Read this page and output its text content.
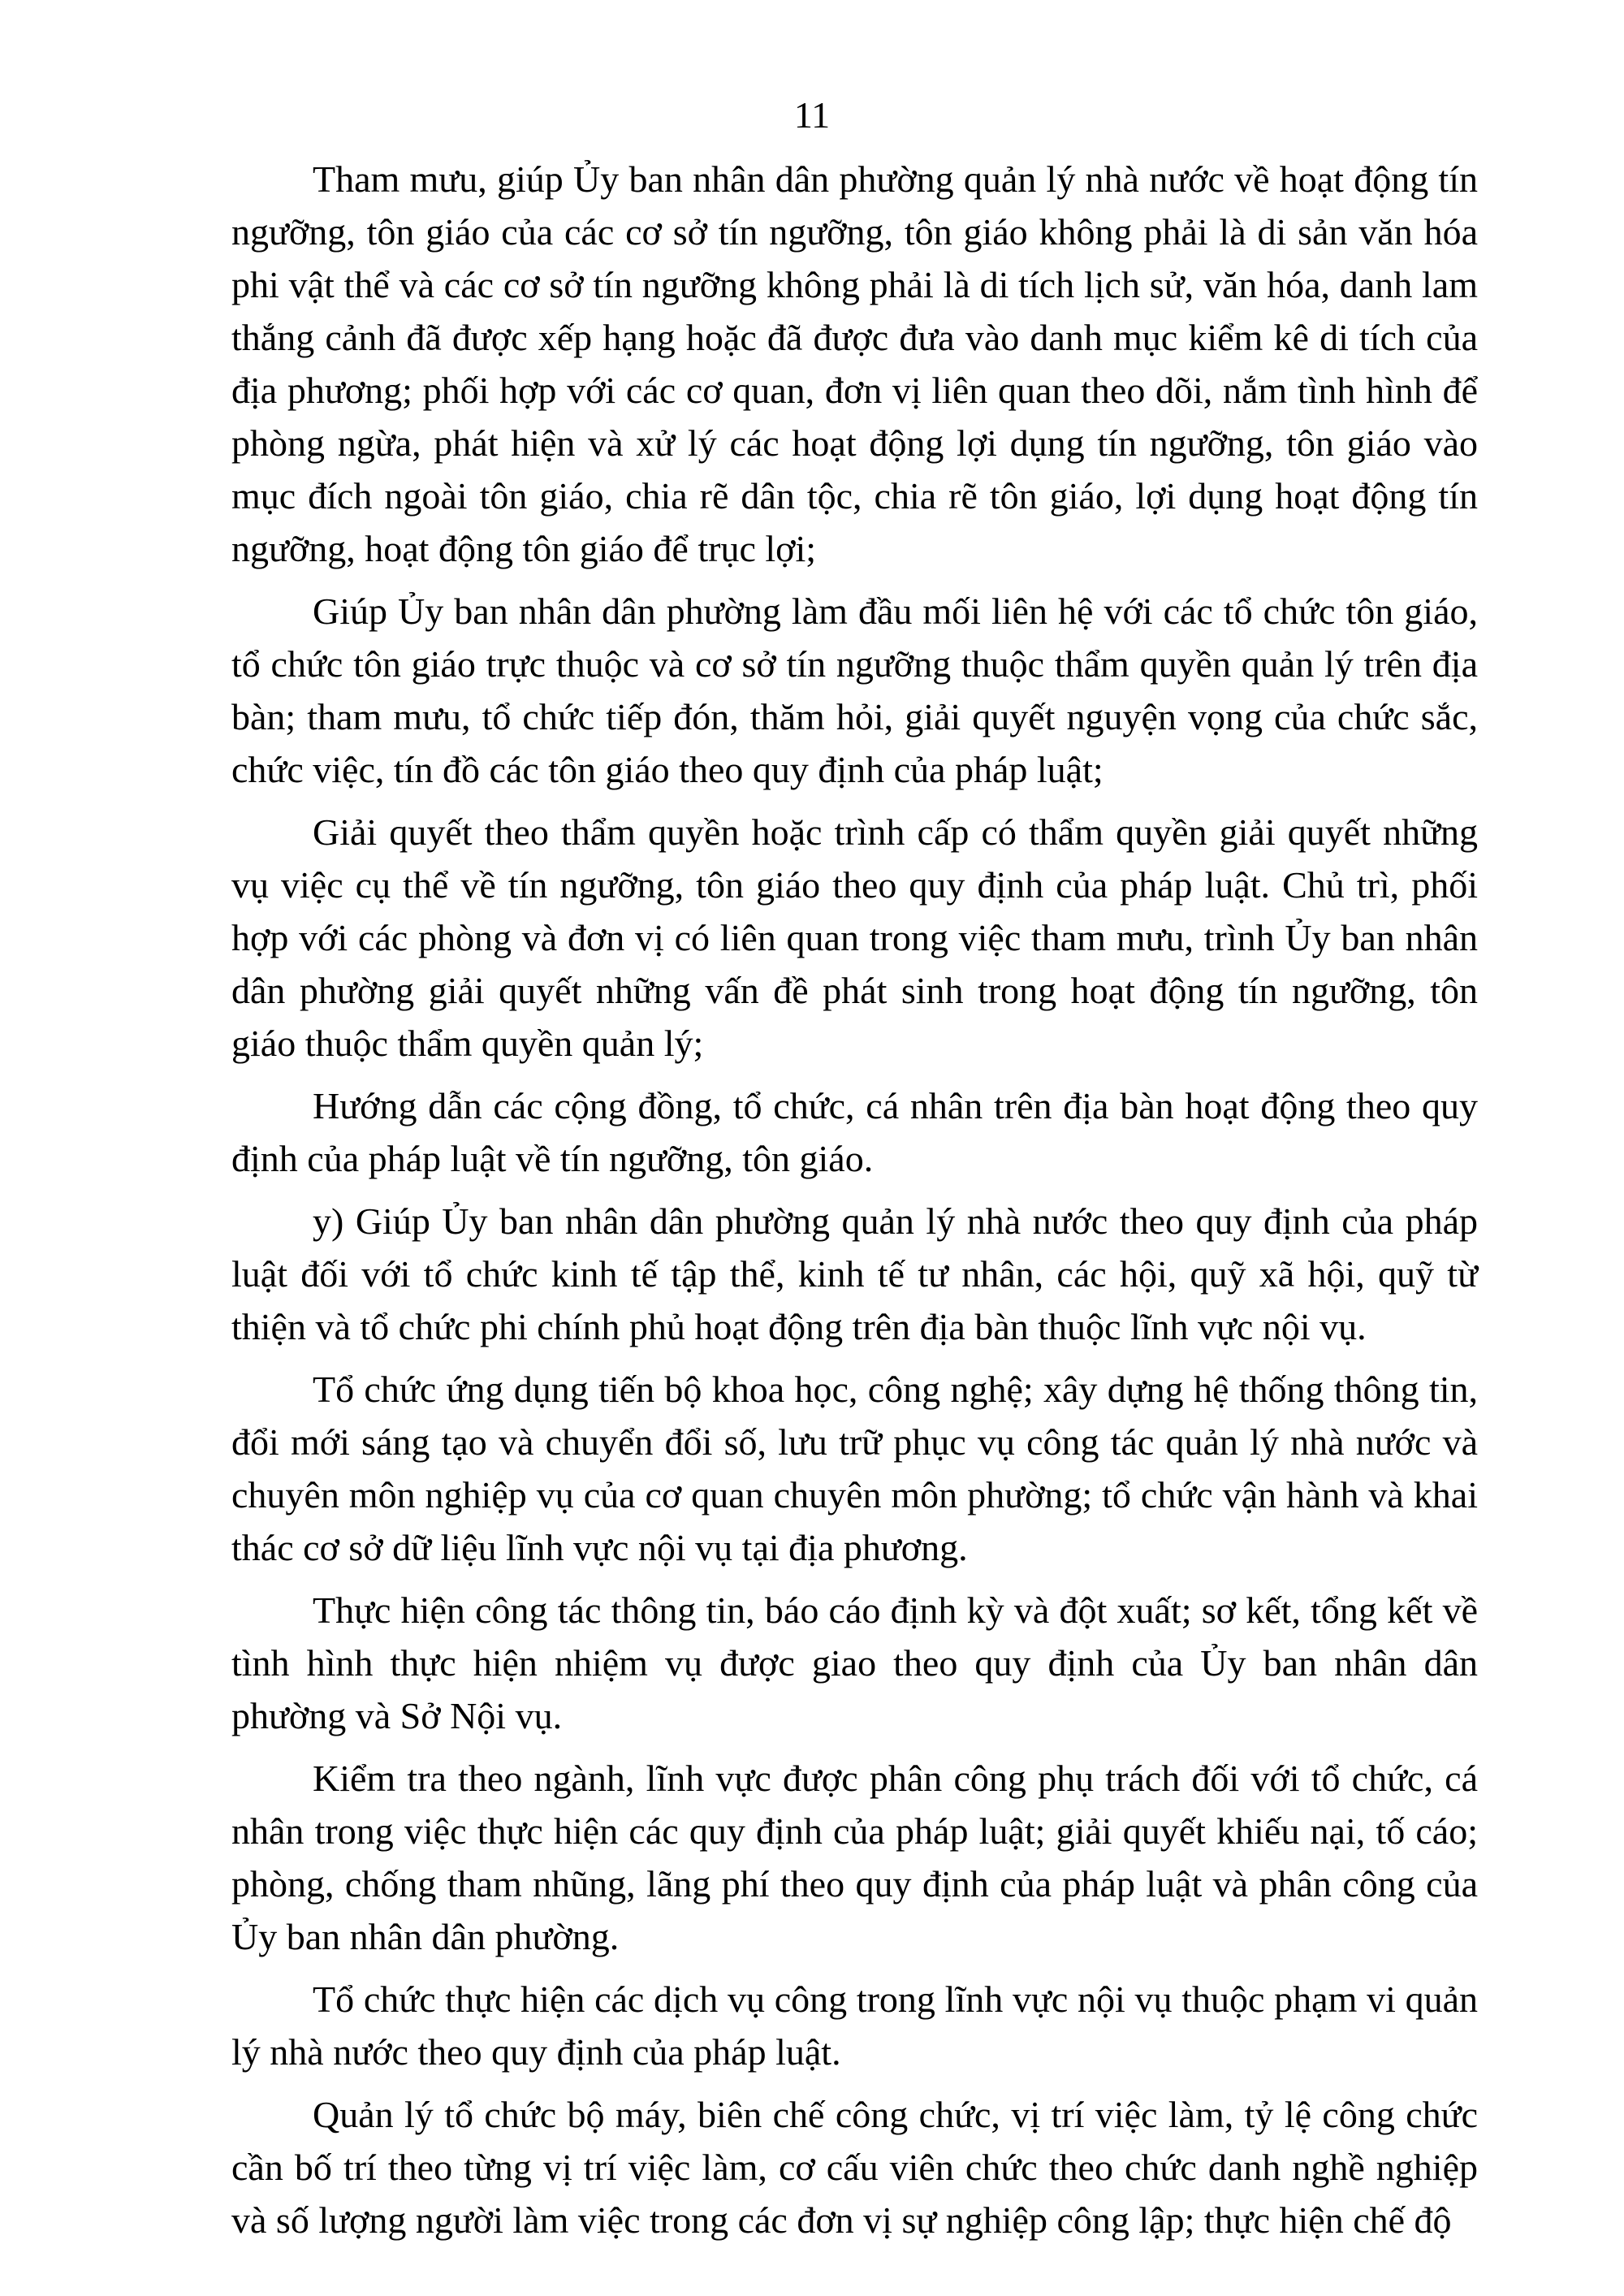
11

Tham mưu, giúp Ủy ban nhân dân phường quản lý nhà nước về hoạt động tín ngưỡng, tôn giáo của các cơ sở tín ngưỡng, tôn giáo không phải là di sản văn hóa phi vật thể và các cơ sở tín ngưỡng không phải là di tích lịch sử, văn hóa, danh lam thắng cảnh đã được xếp hạng hoặc đã được đưa vào danh mục kiểm kê di tích của địa phương; phối hợp với các cơ quan, đơn vị liên quan theo dõi, nắm tình hình để phòng ngừa, phát hiện và xử lý các hoạt động lợi dụng tín ngưỡng, tôn giáo vào mục đích ngoài tôn giáo, chia rẽ dân tộc, chia rẽ tôn giáo, lợi dụng hoạt động tín ngưỡng, hoạt động tôn giáo để trục lợi;

Giúp Ủy ban nhân dân phường làm đầu mối liên hệ với các tổ chức tôn giáo, tổ chức tôn giáo trực thuộc và cơ sở tín ngưỡng thuộc thẩm quyền quản lý trên địa bàn; tham mưu, tổ chức tiếp đón, thăm hỏi, giải quyết nguyện vọng của chức sắc, chức việc, tín đồ các tôn giáo theo quy định của pháp luật;

Giải quyết theo thẩm quyền hoặc trình cấp có thẩm quyền giải quyết những vụ việc cụ thể về tín ngưỡng, tôn giáo theo quy định của pháp luật. Chủ trì, phối hợp với các phòng và đơn vị có liên quan trong việc tham mưu, trình Ủy ban nhân dân phường giải quyết những vấn đề phát sinh trong hoạt động tín ngưỡng, tôn giáo thuộc thẩm quyền quản lý;

Hướng dẫn các cộng đồng, tổ chức, cá nhân trên địa bàn hoạt động theo quy định của pháp luật về tín ngưỡng, tôn giáo.

y) Giúp Ủy ban nhân dân phường quản lý nhà nước theo quy định của pháp luật đối với tổ chức kinh tế tập thể, kinh tế tư nhân, các hội, quỹ xã hội, quỹ từ thiện và tổ chức phi chính phủ hoạt động trên địa bàn thuộc lĩnh vực nội vụ.

Tổ chức ứng dụng tiến bộ khoa học, công nghệ; xây dựng hệ thống thông tin, đổi mới sáng tạo và chuyển đổi số, lưu trữ phục vụ công tác quản lý nhà nước và chuyên môn nghiệp vụ của cơ quan chuyên môn phường; tổ chức vận hành và khai thác cơ sở dữ liệu lĩnh vực nội vụ tại địa phương.

Thực hiện công tác thông tin, báo cáo định kỳ và đột xuất; sơ kết, tổng kết về tình hình thực hiện nhiệm vụ được giao theo quy định của Ủy ban nhân dân phường và Sở Nội vụ.

Kiểm tra theo ngành, lĩnh vực được phân công phụ trách đối với tổ chức, cá nhân trong việc thực hiện các quy định của pháp luật; giải quyết khiếu nại, tố cáo; phòng, chống tham nhũng, lãng phí theo quy định của pháp luật và phân công của Ủy ban nhân dân phường.

Tổ chức thực hiện các dịch vụ công trong lĩnh vực nội vụ thuộc phạm vi quản lý nhà nước theo quy định của pháp luật.

Quản lý tổ chức bộ máy, biên chế công chức, vị trí việc làm, tỷ lệ công chức cần bố trí theo từng vị trí việc làm, cơ cấu viên chức theo chức danh nghề nghiệp và số lượng người làm việc trong các đơn vị sự nghiệp công lập; thực hiện chế độ
